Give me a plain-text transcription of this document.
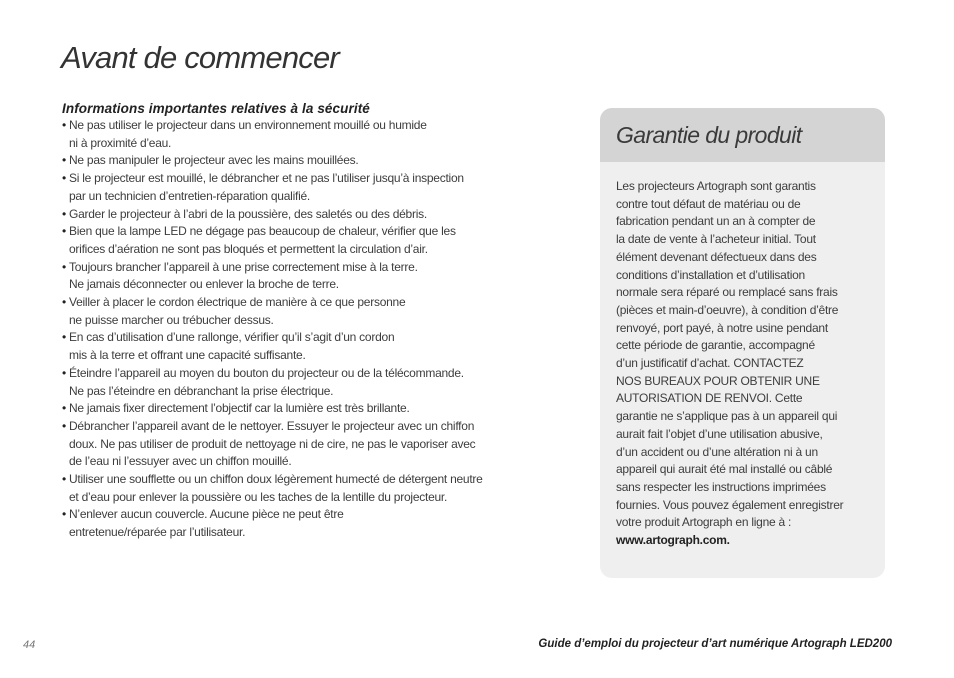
Avant de commencer
Informations importantes relatives à la sécurité
• Ne pas utiliser le projecteur dans un environnement mouillé ou humide
ni à proximité d’eau.
• Ne pas manipuler le projecteur avec les mains mouillées.
• Si le projecteur est mouillé, le débrancher et ne pas l’utiliser jusqu’à inspection
par un technicien d’entretien-réparation qualifié.
• Garder le projecteur à l’abri de la poussière, des saletés ou des débris.
• Bien que la lampe LED ne dégage pas beaucoup de chaleur, vérifier que les
orifices d’aération ne sont pas bloqués et permettent la circulation d’air.
• Toujours brancher l’appareil à une prise correctement mise à la terre.
Ne jamais déconnecter ou enlever la broche de terre.
• Veiller à placer le cordon électrique de manière à ce que personne
ne puisse marcher ou trébucher dessus.
• En cas d’utilisation d’une rallonge, vérifier qu’il s’agit d’un cordon
mis à la terre et offrant une capacité suffisante.
• Éteindre l’appareil au moyen du bouton du projecteur ou de la télécommande.
Ne pas l’éteindre en débranchant la prise électrique.
• Ne jamais fixer directement l’objectif car la lumière est très brillante.
• Débrancher l’appareil avant de le nettoyer. Essuyer le projecteur avec un chiffon
doux. Ne pas utiliser de produit de nettoyage ni de cire, ne pas le vaporiser avec
de l’eau ni l’essuyer avec un chiffon mouillé.
• Utiliser une soufflette ou un chiffon doux légèrement humecté de détergent neutre
et d’eau pour enlever la poussière ou les taches de la lentille du projecteur.
• N’enlever aucun couvercle. Aucune pièce ne peut être
entretenue/réparée par l’utilisateur.
Garantie du produit
Les projecteurs Artograph sont garantis
contre tout défaut de matériau ou de
fabrication pendant un an à compter de
la date de vente à l’acheteur initial. Tout
élément devenant défectueux dans des
conditions d’installation et d’utilisation
normale sera réparé ou remplacé sans frais
(pièces et main-d’oeuvre), à condition d’être
renvoyé, port payé, à notre usine pendant
cette période de garantie, accompagné
d’un justificatif d’achat. CONTACTEZ
NOS BUREAUX POUR OBTENIR UNE
AUTORISATION DE RENVOI. Cette
garantie ne s’applique pas à un appareil qui
aurait fait l’objet d’une utilisation abusive,
d’un accident ou d’une altération ni à un
appareil qui aurait été mal installé ou câblé
sans respecter les instructions imprimées
fournies. Vous pouvez également enregistrer
votre produit Artograph en ligne à :
www.artograph.com.
44	Guide d’emploi du projecteur d’art numérique Artograph LED200
